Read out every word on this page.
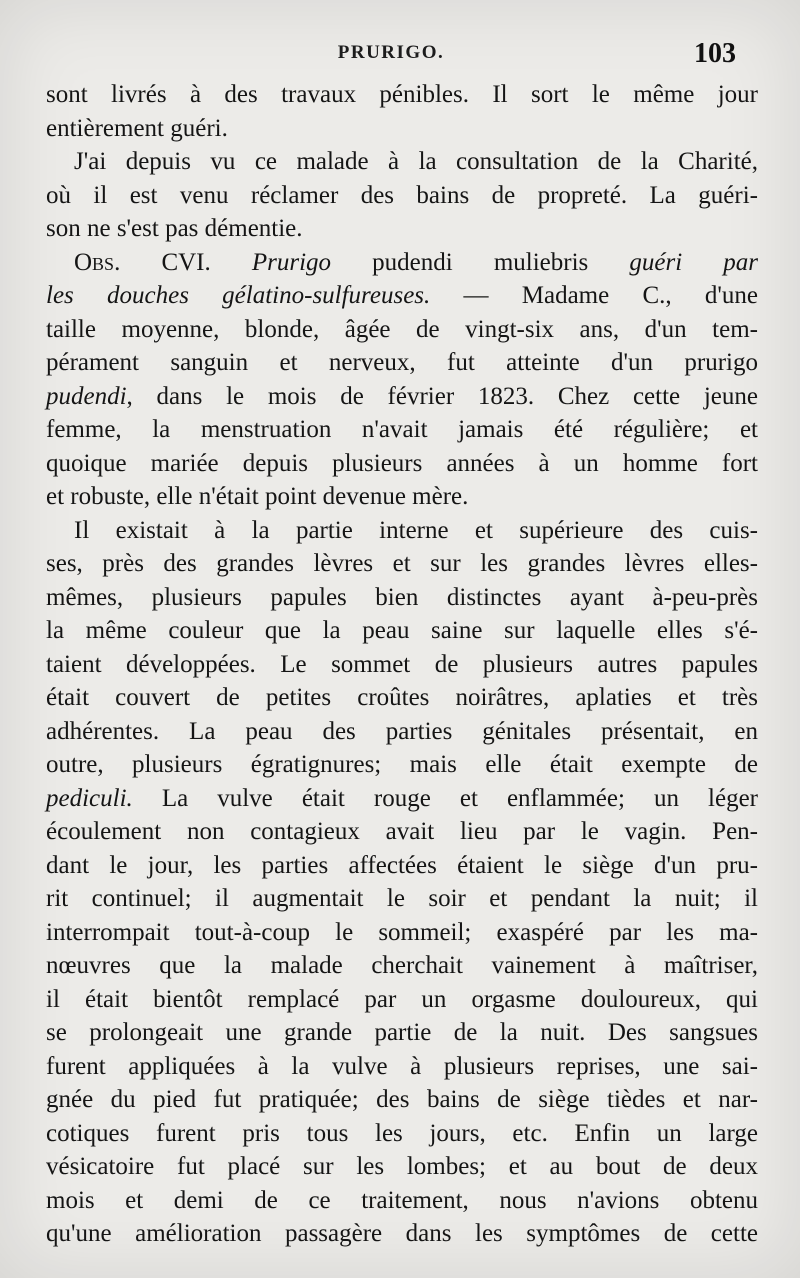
PRURIGO.	103
sont livrés à des travaux pénibles. Il sort le même jour
entièrement guéri.
J'ai depuis vu ce malade à la consultation de la Charité,
où il est venu réclamer des bains de propreté. La guéri-
son ne s'est pas démentie.
Obs. CVI. Prurigo pudendi muliebris guéri par
les douches gélatino-sulfureuses. — Madame C., d'une
taille moyenne, blonde, âgée de vingt-six ans, d'un tem-
pérament sanguin et nerveux, fut atteinte d'un prurigo
pudendi, dans le mois de février 1823. Chez cette jeune
femme, la menstruation n'avait jamais été régulière; et
quoique mariée depuis plusieurs années à un homme fort
et robuste, elle n'était point devenue mère.
Il existait à la partie interne et supérieure des cuis-
ses, près des grandes lèvres et sur les grandes lèvres elles-
mêmes, plusieurs papules bien distinctes ayant à-peu-près
la même couleur que la peau saine sur laquelle elles s'é-
taient développées. Le sommet de plusieurs autres papules
était couvert de petites croûtes noirâtres, aplaties et très
adhérentes. La peau des parties génitales présentait, en
outre, plusieurs égratignures; mais elle était exempte de
pediculi. La vulve était rouge et enflammée; un léger
écoulement non contagieux avait lieu par le vagin. Pen-
dant le jour, les parties affectées étaient le siège d'un pru-
rit continuel; il augmentait le soir et pendant la nuit; il
interrompait tout-à-coup le sommeil; exaspéré par les ma-
nœuvres que la malade cherchait vainement à maîtriser,
il était bientôt remplacé par un orgasme douloureux, qui
se prolongeait une grande partie de la nuit. Des sangsues
furent appliquées à la vulve à plusieurs reprises, une sai-
gnée du pied fut pratiquée; des bains de siège tièdes et nar-
cotiques furent pris tous les jours, etc. Enfin un large
vésicatoire fut placé sur les lombes; et au bout de deux
mois et demi de ce traitement, nous n'avions obtenu
qu'une amélioration passagère dans les symptômes de cette
